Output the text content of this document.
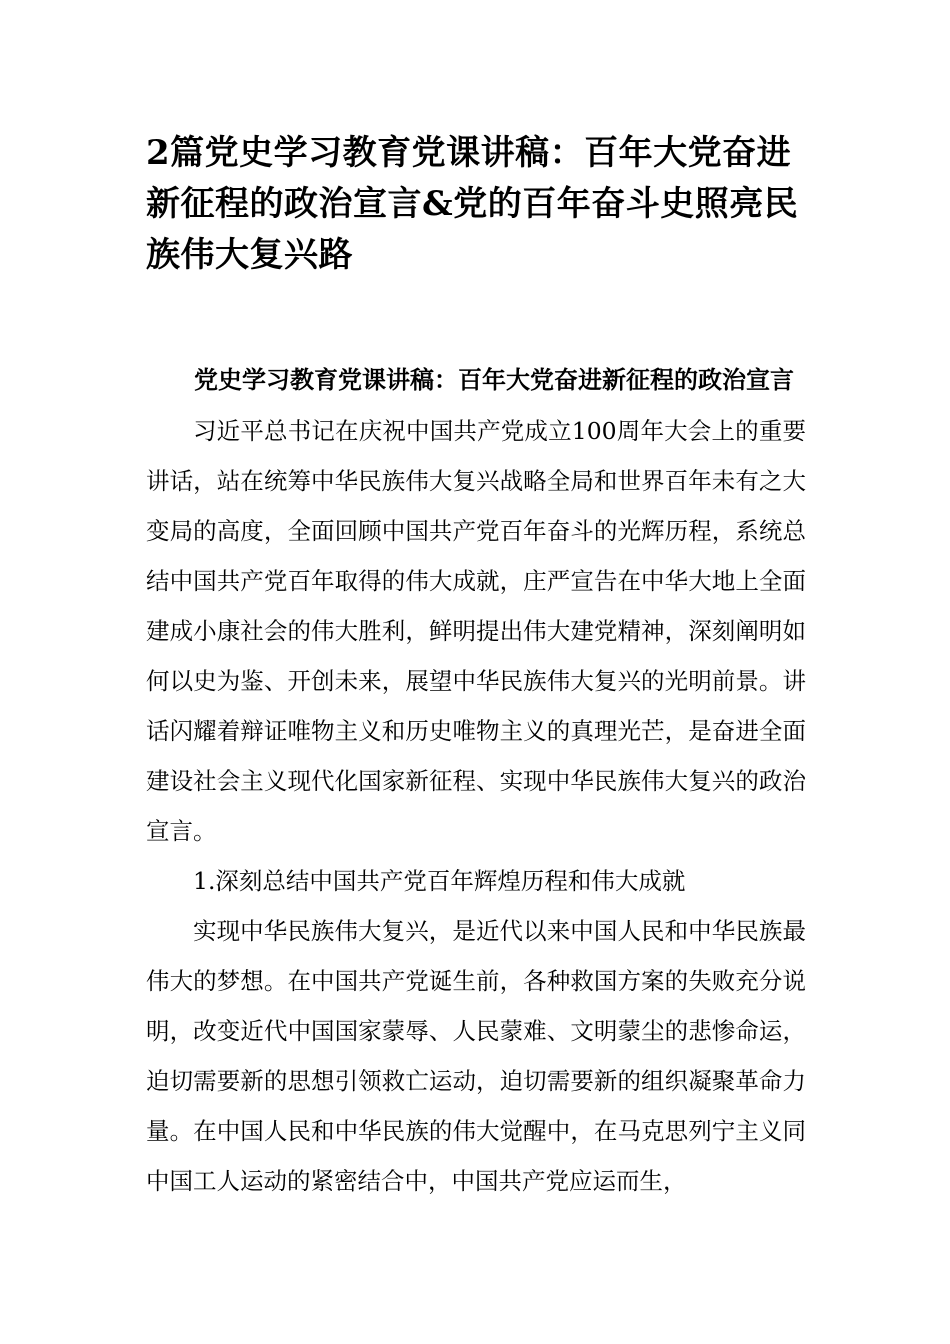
2篇党史学习教育党课讲稿：百年大党奋进新征程的政治宣言&党的百年奋斗史照亮民族伟大复兴路
党史学习教育党课讲稿：百年大党奋进新征程的政治宣言

习近平总书记在庆祝中国共产党成立100周年大会上的重要讲话，站在统筹中华民族伟大复兴战略全局和世界百年未有之大变局的高度，全面回顾中国共产党百年奋斗的光辉历程，系统总结中国共产党百年取得的伟大成就，庄严宣告在中华大地上全面建成小康社会的伟大胜利，鲜明提出伟大建党精神，深刻阐明如何以史为鉴、开创未来，展望中华民族伟大复兴的光明前景。讲话闪耀着辩证唯物主义和历史唯物主义的真理光芒，是奋进全面建设社会主义现代化国家新征程、实现中华民族伟大复兴的政治宣言。

1.深刻总结中国共产党百年辉煌历程和伟大成就

实现中华民族伟大复兴，是近代以来中国人民和中华民族最伟大的梦想。在中国共产党诞生前，各种救国方案的失败充分说明，改变近代中国国家蒙辱、人民蒙难、文明蒙尘的悲惨命运，迫切需要新的思想引领救亡运动，迫切需要新的组织凝聚革命力量。在中国人民和中华民族的伟大觉醒中，在马克思列宁主义同中国工人运动的紧密结合中，中国共产党应运而生，
